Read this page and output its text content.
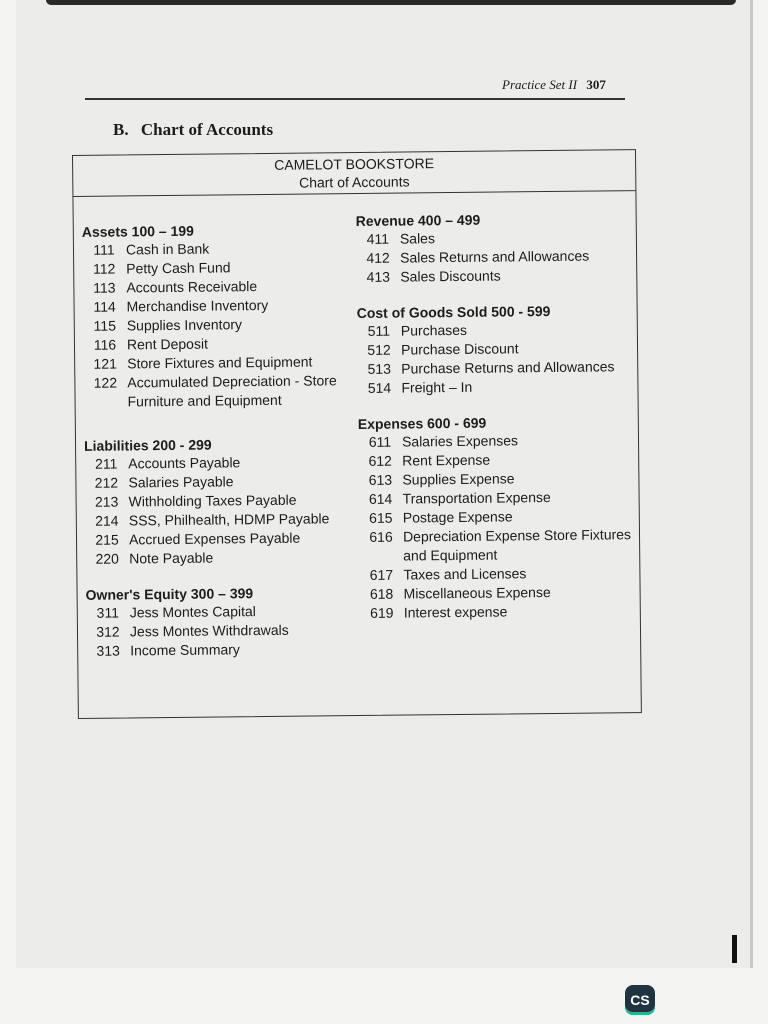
Practice Set II 307
B. Chart of Accounts
CAMELOT BOOKSTORE
Chart of Accounts
Assets 100 – 199
111 Cash in Bank
112 Petty Cash Fund
113 Accounts Receivable
114 Merchandise Inventory
115 Supplies Inventory
116 Rent Deposit
121 Store Fixtures and Equipment
122 Accumulated Depreciation - Store Furniture and Equipment
Liabilities 200 - 299
211 Accounts Payable
212 Salaries Payable
213 Withholding Taxes Payable
214 SSS, Philhealth, HDMP Payable
215 Accrued Expenses Payable
220 Note Payable
Owner's Equity 300 – 399
311 Jess Montes Capital
312 Jess Montes Withdrawals
313 Income Summary
Revenue 400 – 499
411 Sales
412 Sales Returns and Allowances
413 Sales Discounts
Cost of Goods Sold 500 - 599
511 Purchases
512 Purchase Discount
513 Purchase Returns and Allowances
514 Freight – In
Expenses 600 - 699
611 Salaries Expenses
612 Rent Expense
613 Supplies Expense
614 Transportation Expense
615 Postage Expense
616 Depreciation Expense Store Fixtures and Equipment
617 Taxes and Licenses
618 Miscellaneous Expense
619 Interest expense
CS
